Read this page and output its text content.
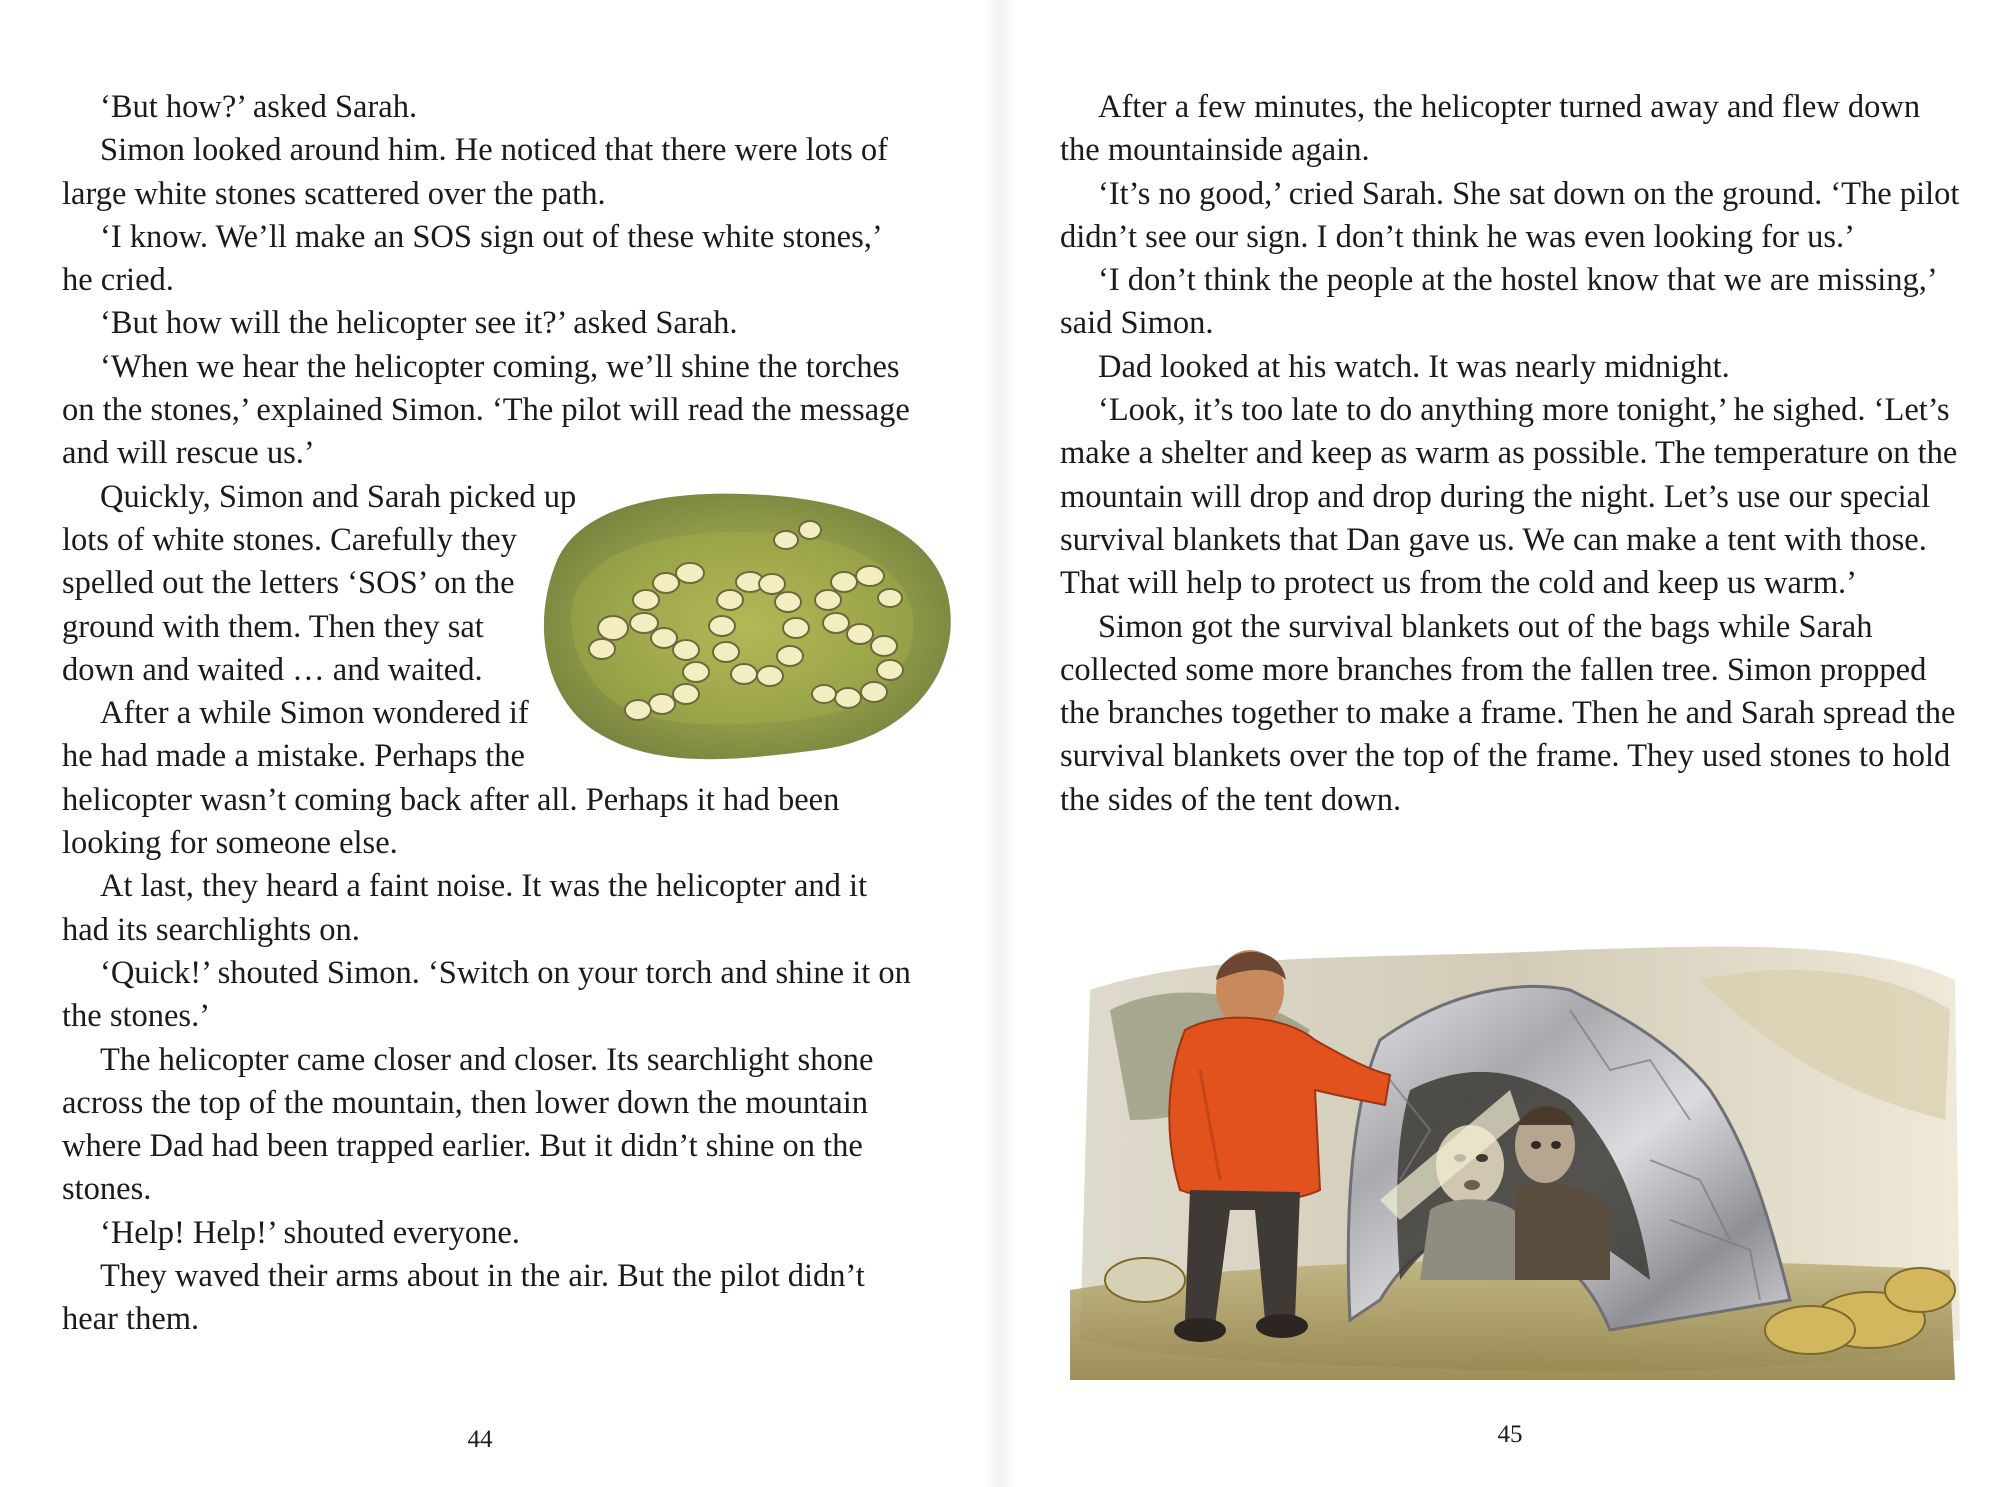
‘But how?’ asked Sarah.

Simon looked around him. He noticed that there were lots of large white stones scattered over the path.

‘I know. We’ll make an SOS sign out of these white stones,’ he cried.

‘But how will the helicopter see it?’ asked Sarah.

‘When we hear the helicopter coming, we’ll shine the torches on the stones,’ explained Simon. ‘The pilot will read the message and will rescue us.’

Quickly, Simon and Sarah picked up lots of white stones. Carefully they spelled out the letters ‘SOS’ on the ground with them. Then they sat down and waited … and waited.

After a while Simon wondered if he had made a mistake. Perhaps the helicopter wasn’t coming back after all. Perhaps it had been looking for someone else.

At last, they heard a faint noise. It was the helicopter and it had its searchlights on.

‘Quick!’ shouted Simon. ‘Switch on your torch and shine it on the stones.’

The helicopter came closer and closer. Its searchlight shone across the top of the mountain, then lower down the mountain where Dad had been trapped earlier. But it didn’t shine on the stones.

‘Help! Help!’ shouted everyone.

They waved their arms about in the air. But the pilot didn’t hear them.

44

After a few minutes, the helicopter turned away and flew down the mountainside again.

‘It’s no good,’ cried Sarah. She sat down on the ground. ‘The pilot didn’t see our sign. I don’t think he was even looking for us.’

‘I don’t think the people at the hostel know that we are missing,’ said Simon.

Dad looked at his watch. It was nearly midnight.

‘Look, it’s too late to do anything more tonight,’ he sighed. ‘Let’s make a shelter and keep as warm as possible. The temperature on the mountain will drop and drop during the night. Let’s use our special survival blankets that Dan gave us. We can make a tent with those. That will help to protect us from the cold and keep us warm.’

Simon got the survival blankets out of the bags while Sarah collected some more branches from the fallen tree. Simon propped the branches together to make a frame. Then he and Sarah spread the survival blankets over the top of the frame. They used stones to hold the sides of the tent down.

45
